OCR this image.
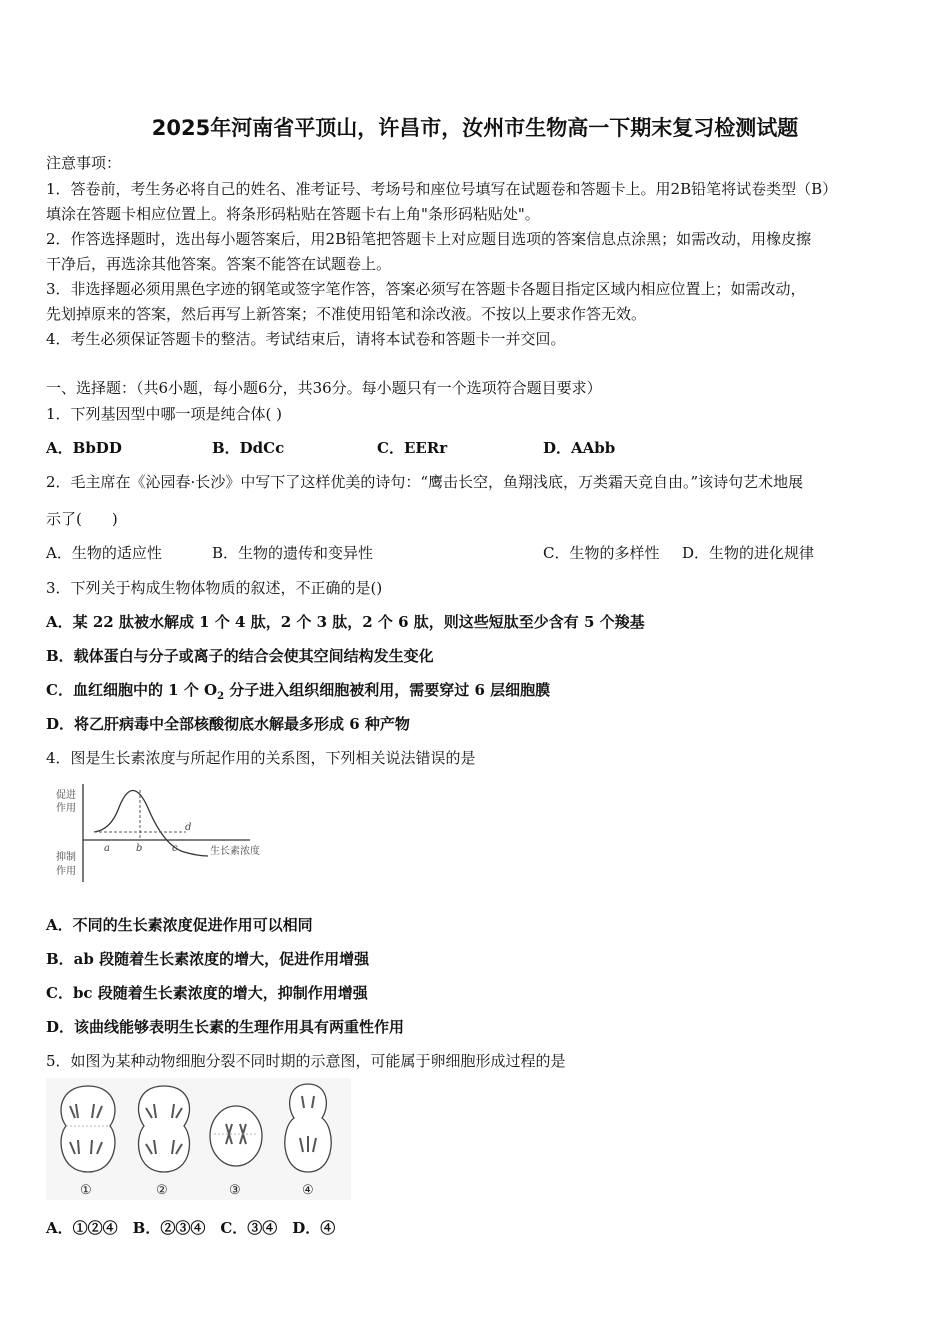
2025年河南省平顶山，许昌市，汝州市生物高一下期末复习检测试题
注意事项：
1．答卷前，考生务必将自己的姓名、准考证号、考场号和座位号填写在试题卷和答题卡上。用2B铅笔将试卷类型（B）
填涂在答题卡相应位置上。将条形码粘贴在答题卡右上角"条形码粘贴处"。
2．作答选择题时，选出每小题答案后，用2B铅笔把答题卡上对应题目选项的答案信息点涂黑；如需改动，用橡皮擦
干净后，再选涂其他答案。答案不能答在试题卷上。
3．非选择题必须用黑色字迹的钢笔或签字笔作答，答案必须写在答题卡各题目指定区域内相应位置上；如需改动，
先划掉原来的答案，然后再写上新答案；不准使用铅笔和涂改液。不按以上要求作答无效。
4．考生必须保证答题卡的整洁。考试结束后，请将本试卷和答题卡一并交回。
一、选择题：（共6小题，每小题6分，共36分。每小题只有一个选项符合题目要求）
1．下列基因型中哪一项是纯合体( )
A．BbDD	B．DdCc	C．EERr	D．AAbb
2．毛主席在《沁园春·长沙》中写下了这样优美的诗句：“鹰击长空，鱼翔浅底，万类霜天竞自由。”该诗句艺术地展
示了(　　)
A．生物的适应性	B．生物的遗传和变异性	C．生物的多样性 D．生物的进化规律
3．下列关于构成生物体物质的叙述，不正确的是()
A．某 22 肽被水解成 1 个 4 肽，2 个 3 肽，2 个 6 肽，则这些短肽至少含有 5 个羧基
B．载体蛋白与分子或离子的结合会使其空间结构发生变化
C．血红细胞中的 1 个 $O_2$ 分子进入组织细胞被利用，需要穿过 6 层细胞膜
D．将乙肝病毒中全部核酸彻底水解最多形成 6 种产物
4．图是生长素浓度与所起作用的关系图，下列相关说法错误的是
促进
作用
抑制
作用
a	b	c
d
生长素浓度
A．不同的生长素浓度促进作用可以相同
B．ab 段随着生长素浓度的增大，促进作用增强
C．bc 段随着生长素浓度的增大，抑制作用增强
D．该曲线能够表明生长素的生理作用具有两重性作用
5．如图为某种动物细胞分裂不同时期的示意图，可能属于卵细胞形成过程的是
①	②	③	④
A．①②④　B．②③④　C．③④　D．④
